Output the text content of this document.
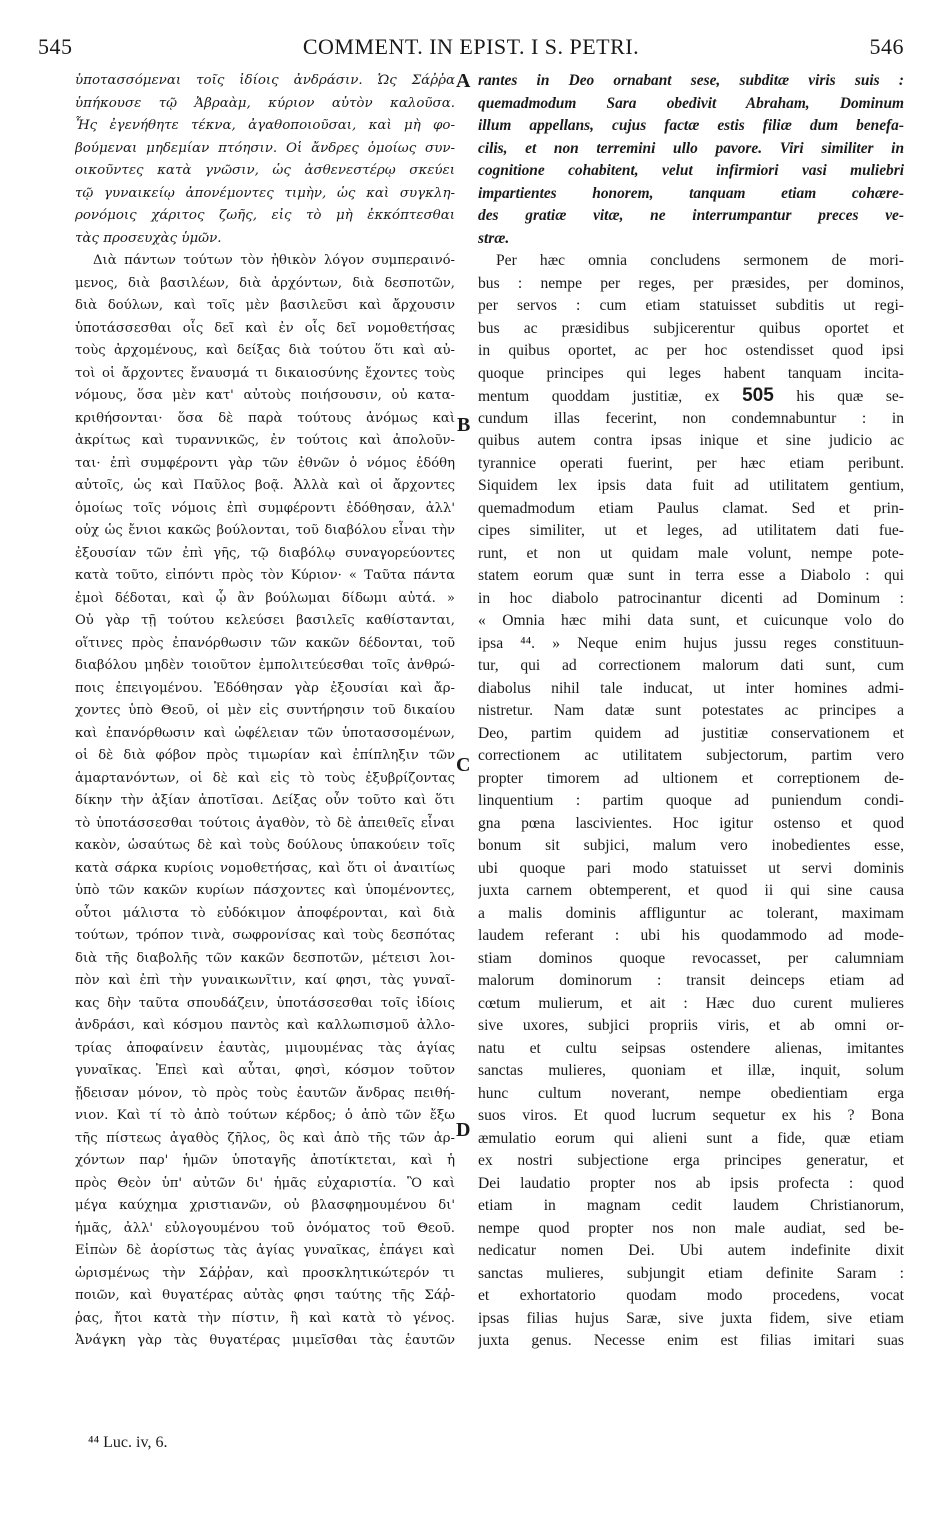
545	COMMENT. IN EPIST. I S. PETRI.	546
ὑποτασσόμεναι τοῖς ἰδίοις ἀνδράσιν. Ὡς Σάῤῥα
ὑπήκουσε τῷ Ἀβραὰμ, κύριον αὐτὸν καλοῦσα.
Ἧς ἐγενήθητε τέκνα, ἀγαθοποιοῦσαι, καὶ μὴ φο-
βούμεναι μηδεμίαν πτόησιν. Οἱ ἄνδρες ὁμοίως συν-
οικοῦντες κατὰ γνῶσιν, ὡς ἀσθενεστέρῳ σκεύει
τῷ γυναικείῳ ἀπονέμοντες τιμὴν, ὡς καὶ συγκλη-
ρονόμοις χάριτος ζωῆς, εἰς τὸ μὴ ἐκκόπτεσθαι
τὰς προσευχὰς ὑμῶν.
Διὰ πάντων τούτων τὸν ἠθικὸν λόγον συμπεραινό-
μενος, διὰ βασιλέων, διὰ ἀρχόντων, διὰ δεσποτῶν,
διὰ δούλων, καὶ τοῖς μὲν βασιλεῦσι καὶ ἄρχουσιν
ὑποτάσσεσθαι οἷς δεῖ καὶ ἐν οἷς δεῖ νομοθετήσας
τοὺς ἀρχομένους, καὶ δείξας διὰ τούτου ὅτι καὶ αὐ-
τοὶ οἱ ἄρχοντες ἔναυσμά τι δικαιοσύνης ἔχοντες τοὺς
νόμους, ὅσα μὲν κατ' αὐτοὺς ποιήσουσιν, οὐ κατα-
κριθήσονται· ὅσα δὲ παρὰ τούτους ἀνόμως καὶ
ἀκρίτως καὶ τυραννικῶς, ἐν τούτοις καὶ ἀπολοῦν-
ται· ἐπὶ συμφέροντι γὰρ τῶν ἐθνῶν ὁ νόμος ἐδόθη
αὐτοῖς, ὡς καὶ Παῦλος βοᾷ. Ἀλλὰ καὶ οἱ ἄρχοντες
ὁμοίως τοῖς νόμοις ἐπὶ συμφέροντι ἐδόθησαν, ἀλλ'
οὐχ ὡς ἔνιοι κακῶς βούλονται, τοῦ διαβόλου εἶναι τὴν
ἐξουσίαν τῶν ἐπὶ γῆς, τῷ διαβόλῳ συναγορεύοντες
κατὰ τοῦτο, εἰπόντι πρὸς τὸν Κύριον· « Ταῦτα πάντα
ἐμοὶ δέδοται, καὶ ᾧ ἂν βούλωμαι δίδωμι αὐτά. »
Οὐ γὰρ τῇ τούτου κελεύσει βασιλεῖς καθίστανται,
οἵτινες πρὸς ἐπανόρθωσιν τῶν κακῶν δέδονται, τοῦ
διαβόλου μηδὲν τοιοῦτον ἐμπολιτεύεσθαι τοῖς ἀνθρώ-
ποις ἐπειγομένου. Ἐδόθησαν γὰρ ἐξουσίαι καὶ ἄρ-
χοντες ὑπὸ Θεοῦ, οἱ μὲν εἰς συντήρησιν τοῦ δικαίου
καὶ ἐπανόρθωσιν καὶ ὠφέλειαν τῶν ὑποτασσομένων,
οἱ δὲ διὰ φόβον πρὸς τιμωρίαν καὶ ἐπίπληξιν τῶν
ἁμαρτανόντων, οἱ δὲ καὶ εἰς τὸ τοὺς ἐξυβρίζοντας
δίκην τὴν ἀξίαν ἀποτῖσαι. Δείξας οὖν τοῦτο καὶ ὅτι
τὸ ὑποτάσσεσθαι τούτοις ἀγαθὸν, τὸ δὲ ἀπειθεῖς εἶναι
κακὸν, ὡσαύτως δὲ καὶ τοὺς δούλους ὑπακούειν τοῖς
κατὰ σάρκα κυρίοις νομοθετήσας, καὶ ὅτι οἱ ἀναιτίως
ὑπὸ τῶν κακῶν κυρίων πάσχοντες καὶ ὑπομένοντες,
οὗτοι μάλιστα τὸ εὐδόκιμον ἀποφέρονται, καὶ διὰ
τούτων, τρόπον τινὰ, σωφρονίσας καὶ τοὺς δεσπότας
διὰ τῆς διαβολῆς τῶν κακῶν δεσποτῶν, μέτεισι λοι-
πὸν καὶ ἐπὶ τὴν γυναικωνῖτιν, καί φησι, τὰς γυναῖ-
κας δὴν ταῦτα σπουδάζειν, ὑποτάσσεσθαι τοῖς ἰδίοις
ἀνδράσι, καὶ κόσμου παντὸς καὶ καλλωπισμοῦ ἀλλο-
τρίας ἀποφαίνειν ἑαυτὰς, μιμουμένας τὰς ἁγίας
γυναῖκας. Ἐπεὶ καὶ αὗται, φησὶ, κόσμον τοῦτον
ᾔδεισαν μόνον, τὸ πρὸς τοὺς ἑαυτῶν ἄνδρας πειθή-
νιον. Καὶ τί τὸ ἀπὸ τούτων κέρδος; ὁ ἀπὸ τῶν ἔξω
τῆς πίστεως ἀγαθὸς ζῆλος, ὃς καὶ ἀπὸ τῆς τῶν ἀρ-
χόντων παρ' ἡμῶν ὑποταγῆς ἀποτίκτεται, καὶ ἡ
πρὸς Θεὸν ὑπ' αὐτῶν δι' ἡμᾶς εὐχαριστία. Ὃ καὶ
μέγα καύχημα χριστιανῶν, οὐ βλασφημουμένου δι'
ἡμᾶς, ἀλλ' εὐλογουμένου τοῦ ὀνόματος τοῦ Θεοῦ.
Εἰπὼν δὲ ἀορίστως τὰς ἁγίας γυναῖκας, ἐπάγει καὶ
ὡρισμένως τὴν Σάῤῥαν, καὶ προσκλητικώτερόν τι
ποιῶν, καὶ θυγατέρας αὐτὰς φησι ταύτης τῆς Σάῤ-
ῥας, ἤτοι κατὰ τὴν πίστιν, ἢ καὶ κατὰ τὸ γένος.
Ἀνάγκη γὰρ τὰς θυγατέρας μιμεῖσθαι τὰς ἑαυτῶν
A
B
C
D
rantes in Deo ornabant sese, subditæ viris suis :
quemadmodum Sara obedivit Abraham, Dominum
illum appellans, cujus factæ estis filiæ dum benefa-
cilis, et non terremini ullo pavore. Viri similiter in
cognitione cohabitent, velut infirmiori vasi muliebri
impartientes honorem, tanquam etiam cohære-
des gratiæ vitæ, ne interrumpantur preces ve-
stræ.
Per hæc omnia concludens sermonem de mori-
bus : nempe per reges, per præsides, per dominos,
per servos : cum etiam statuisset subditis ut regi-
bus ac præsidibus subjicerentur quibus oportet et
in quibus oportet, ac per hoc ostendisset quod ipsi
quoque principes qui leges habent tanquam incita-
mentum quoddam justitiæ, ex 505 his quæ se-
cundum illas fecerint, non condemnabuntur : in
quibus autem contra ipsas inique et sine judicio ac
tyrannice operati fuerint, per hæc etiam peribunt.
Siquidem lex ipsis data fuit ad utilitatem gentium,
quemadmodum etiam Paulus clamat. Sed et prin-
cipes similiter, ut et leges, ad utilitatem dati fue-
runt, et non ut quidam male volunt, nempe pote-
statem eorum quæ sunt in terra esse a Diabolo : qui
in hoc diabolo patrocinantur dicenti ad Dominum :
« Omnia hæc mihi data sunt, et cuicunque volo do
ipsa ⁴⁴. » Neque enim hujus jussu reges constituun-
tur, qui ad correctionem malorum dati sunt, cum
diabolus nihil tale inducat, ut inter homines admi-
nistretur. Nam datæ sunt potestates ac principes a
Deo, partim quidem ad justitiæ conservationem et
correctionem ac utilitatem subjectorum, partim vero
propter timorem ad ultionem et correptionem de-
linquentium : partim quoque ad puniendum condi-
gna pœna lascivientes. Hoc igitur ostenso et quod
bonum sit subjici, malum vero inobedientes esse,
ubi quoque pari modo statuisset ut servi dominis
juxta carnem obtemperent, et quod ii qui sine causa
a malis dominis affliguntur ac tolerant, maximam
laudem referant : ubi his quodammodo ad mode-
stiam dominos quoque revocasset, per calumniam
malorum dominorum : transit deinceps etiam ad
cœtum mulierum, et ait : Hæc duo curent mulieres
sive uxores, subjici propriis viris, et ab omni or-
natu et cultu seipsas ostendere alienas, imitantes
sanctas mulieres, quoniam et illæ, inquit, solum
hunc cultum noverant, nempe obedientiam erga
suos viros. Et quod lucrum sequetur ex his ? Bona
æmulatio eorum qui alieni sunt a fide, quæ etiam
ex nostri subjectione erga principes generatur, et
Dei laudatio propter nos ab ipsis profecta : quod
etiam in magnam cedit laudem Christianorum,
nempe quod propter nos non male audiat, sed be-
nedicatur nomen Dei. Ubi autem indefinite dixit
sanctas mulieres, subjungit etiam definite Saram :
et exhortatorio quodam modo procedens, vocat
ipsas filias hujus Saræ, sive juxta fidem, sive etiam
juxta genus. Necesse enim est filias imitari suas
⁴⁴ Luc. iv, 6.
